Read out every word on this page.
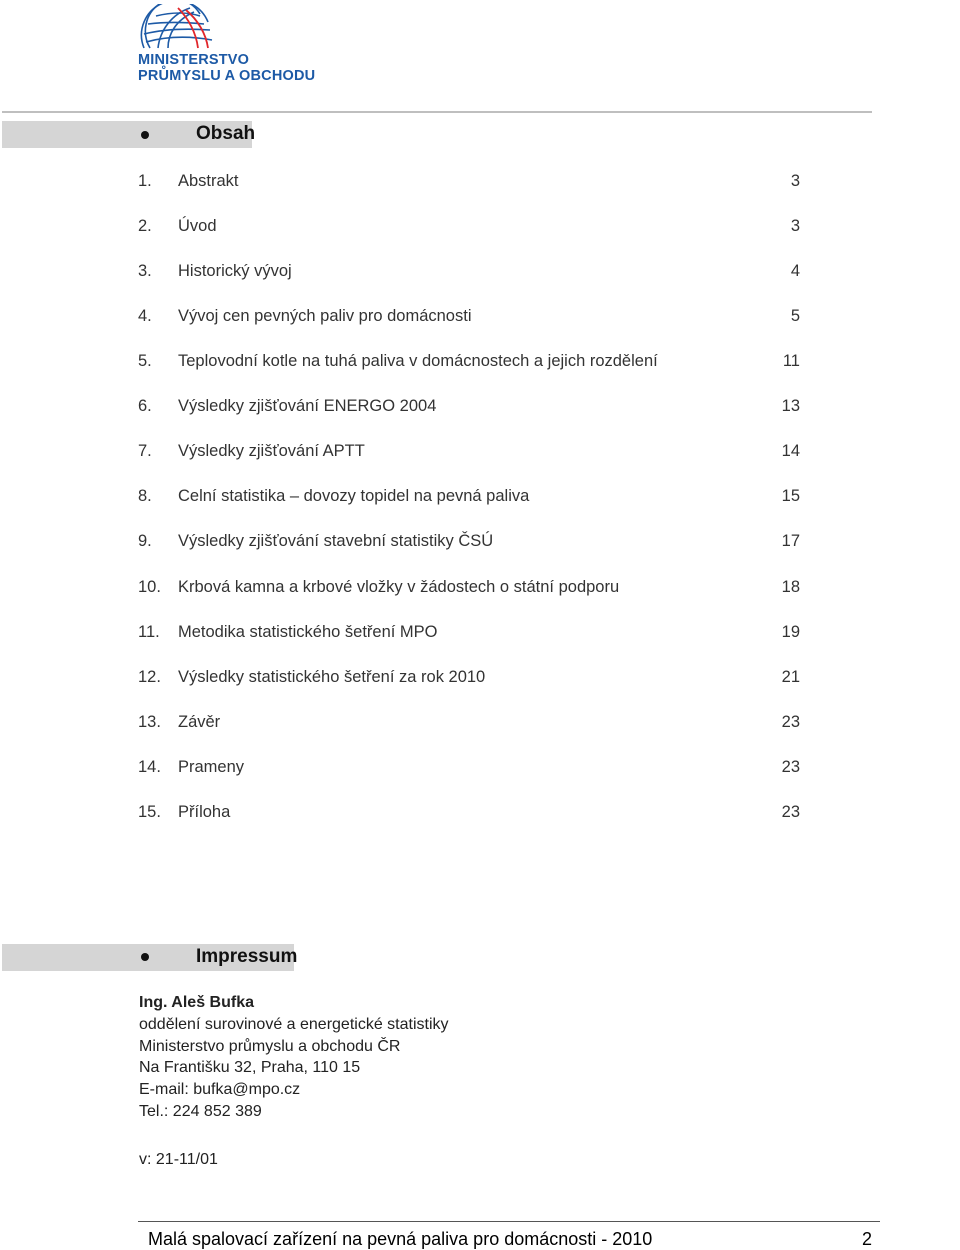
MINISTERSTVO
PRŮMYSLU A OBCHODU
Obsah
1. Abstrakt	3
2. Úvod	3
3. Historický vývoj	4
4. Vývoj cen pevných paliv pro domácnosti	5
5. Teplovodní kotle na tuhá paliva v domácnostech a jejich rozdělení	11
6. Výsledky zjišťování ENERGO 2004	13
7. Výsledky zjišťování APTT	14
8. Celní statistika – dovozy topidel na pevná paliva	15
9. Výsledky zjišťování stavební statistiky ČSÚ	17
10. Krbová kamna a krbové vložky v žádostech o státní podporu	18
11. Metodika statistického šetření MPO	19
12. Výsledky statistického šetření za rok 2010	21
13. Závěr	23
14. Prameny	23
15. Příloha	23
Impressum
Ing. Aleš Bufka
oddělení surovinové a energetické statistiky
Ministerstvo průmyslu a obchodu ČR
Na Františku 32, Praha, 110 15
E-mail: bufka@mpo.cz
Tel.: 224 852 389
v: 21-11/01
Malá spalovací zařízení na pevná paliva pro domácnosti - 2010	2
